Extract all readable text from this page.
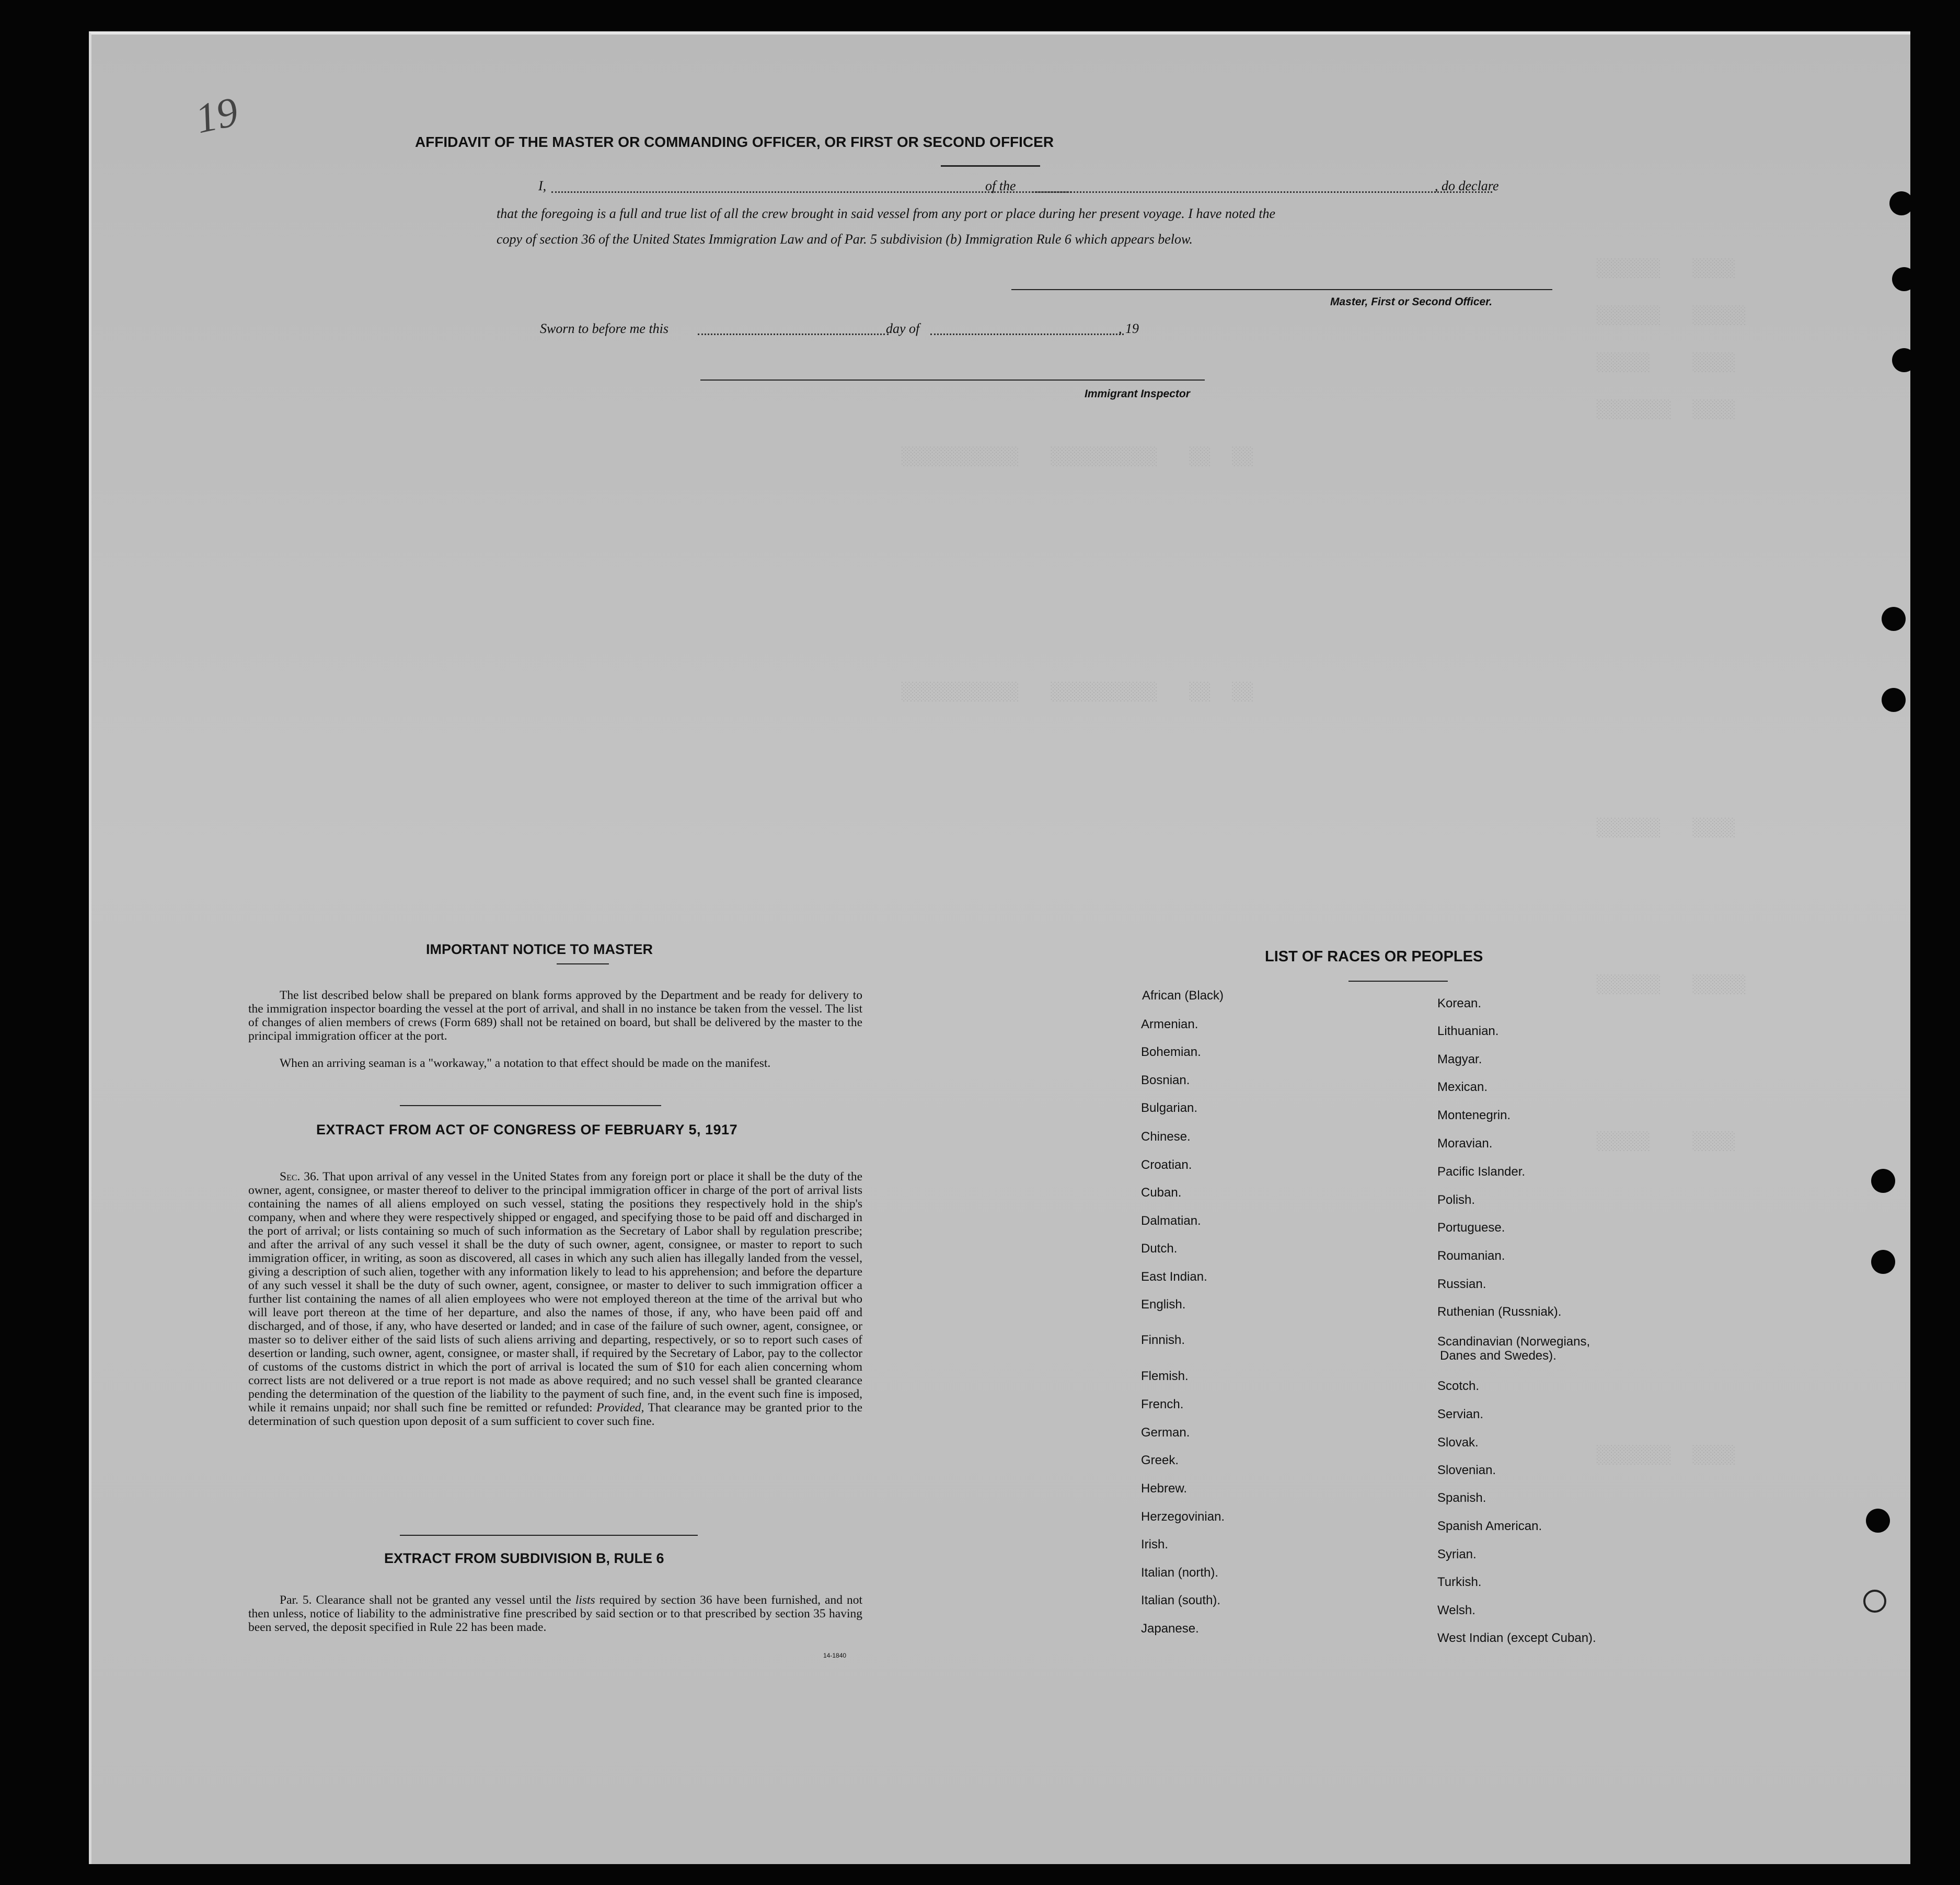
░░░░░░   ░░░░
░░░░░░   ░░░░░
░░░░░    ░░░░
░░░░░░░  ░░░░
░░░░░░   ░░░░
░░░░░░   ░░░░░
░░░░░    ░░░░
░░░░░░░  ░░░░
░░░░░░░░░░░   ░░░░░░░░░░   ░░  ░░
░░░░░░░░░░░   ░░░░░░░░░░   ░░  ░░
19	AFFIDAVIT OF THE MASTER OR COMMANDING OFFICER, OR FIRST OR SECOND OFFICER
I,	of the	, do declare
that the foregoing is a full and true list of all the crew brought in said vessel from any port or place during her present voyage. I have noted the
copy of section 36 of the United States Immigration Law and of Par. 5 subdivision (b) Immigration Rule 6 which appears below.
Master, First or Second Officer.
Sworn to before me this	day of	, 19
Immigrant Inspector
IMPORTANT NOTICE TO MASTER
The list described below shall be prepared on blank forms approved by the Department and be ready for delivery to the immigration inspector boarding the vessel at the port of arrival, and shall in no instance be taken from the vessel. The list of changes of alien members of crews (Form 689) shall not be retained on board, but shall be delivered by the master to the principal immigration officer at the port.
When an arriving seaman is a "workaway," a notation to that effect should be made on the manifest.
EXTRACT FROM ACT OF CONGRESS OF FEBRUARY 5, 1917
Sec. 36. That upon arrival of any vessel in the United States from any foreign port or place it shall be the duty of the owner, agent, consignee, or master thereof to deliver to the principal immigration officer in charge of the port of arrival lists containing the names of all aliens employed on such vessel, stating the positions they respectively hold in the ship's company, when and where they were respectively shipped or engaged, and specifying those to be paid off and discharged in the port of arrival; or lists containing so much of such information as the Secretary of Labor shall by regulation prescribe; and after the arrival of any such vessel it shall be the duty of such owner, agent, consignee, or master to report to such immigration officer, in writing, as soon as discovered, all cases in which any such alien has illegally landed from the vessel, giving a description of such alien, together with any information likely to lead to his apprehension; and before the departure of any such vessel it shall be the duty of such owner, agent, consignee, or master to deliver to such immigration officer a further list containing the names of all alien employees who were not employed thereon at the time of the arrival but who will leave port thereon at the time of her departure, and also the names of those, if any, who have been paid off and discharged, and of those, if any, who have deserted or landed; and in case of the failure of such owner, agent, consignee, or master so to deliver either of the said lists of such aliens arriving and departing, respectively, or so to report such cases of desertion or landing, such owner, agent, consignee, or master shall, if required by the Secretary of Labor, pay to the collector of customs of the customs district in which the port of arrival is located the sum of $10 for each alien concerning whom correct lists are not delivered or a true report is not made as above required; and no such vessel shall be granted clearance pending the determination of the question of the liability to the payment of such fine, and, in the event such fine is imposed, while it remains unpaid; nor shall such fine be remitted or refunded: Provided, That clearance may be granted prior to the determination of such question upon deposit of a sum sufficient to cover such fine.
EXTRACT FROM SUBDIVISION B, RULE 6
Par. 5. Clearance shall not be granted any vessel until the lists required by section 36 have been furnished, and not then unless, notice of liability to the administrative fine prescribed by said section or to that prescribed by section 35 having been served, the deposit specified in Rule 22 has been made.
14-1840
LIST OF RACES OR PEOPLES
African (Black)
Armenian.
Bohemian.
Bosnian.
Bulgarian.
Chinese.
Croatian.
Cuban.
Dalmatian.
Dutch.
East Indian.
English.
Finnish.
Flemish.
French.
German.
Greek.
Hebrew.
Herzegovinian.
Irish.
Italian (north).
Italian (south).
Japanese.
Korean.
Lithuanian.
Magyar.
Mexican.
Montenegrin.
Moravian.
Pacific Islander.
Polish.
Portuguese.
Roumanian.
Russian.
Ruthenian (Russniak).
Scandinavian (Norwegians,
Danes and Swedes).
Scotch.
Servian.
Slovak.
Slovenian.
Spanish.
Spanish American.
Syrian.
Turkish.
Welsh.
West Indian (except Cuban).
